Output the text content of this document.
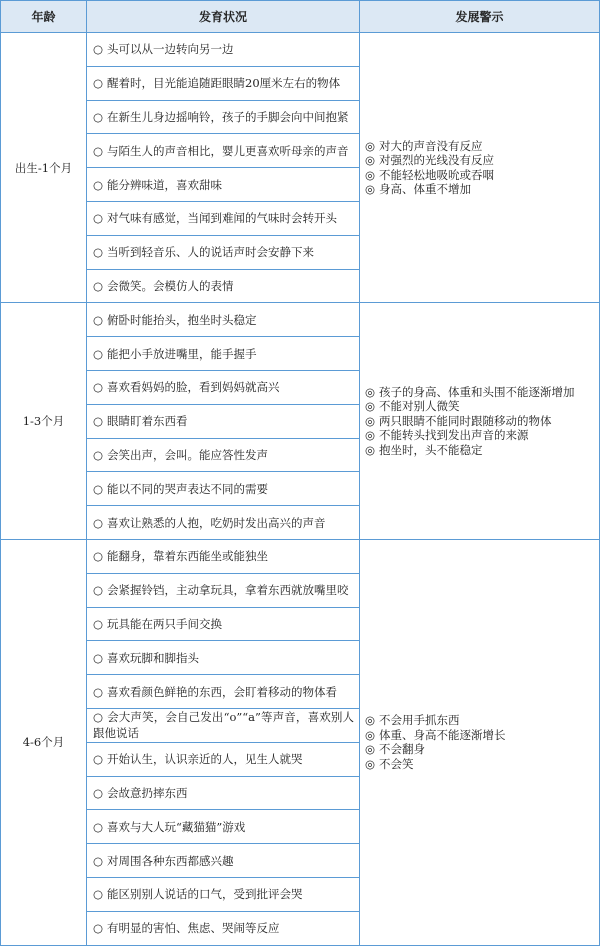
年龄	发育状况	发展警示
出生-1个月
○ 头可以从一边转向另一边
○ 醒着时，目光能追随距眼睛20厘米左右的物体
○ 在新生儿身边摇响铃，孩子的手脚会向中间抱紧
○ 与陌生人的声音相比，婴儿更喜欢听母亲的声音
○ 能分辨味道，喜欢甜味
○ 对气味有感觉，当闻到难闻的气味时会转开头
○ 当听到轻音乐、人的说话声时会安静下来
○ 会微笑。会模仿人的表情
◎ 对大的声音没有反应
◎ 对强烈的光线没有反应
◎ 不能轻松地吸吮或吞咽
◎ 身高、体重不增加
1-3个月
○ 俯卧时能抬头，抱坐时头稳定
○ 能把小手放进嘴里，能手握手
○ 喜欢看妈妈的脸，看到妈妈就高兴
○ 眼睛盯着东西看
○ 会笑出声，会叫。能应答性发声
○ 能以不同的哭声表达不同的需要
○ 喜欢让熟悉的人抱，吃奶时发出高兴的声音
◎ 孩子的身高、体重和头围不能逐渐增加
◎ 不能对别人微笑
◎ 两只眼睛不能同时跟随移动的物体
◎ 不能转头找到发出声音的来源
◎ 抱坐时，头不能稳定
4-6个月
○ 能翻身，靠着东西能坐或能独坐
○ 会紧握铃铛，主动拿玩具，拿着东西就放嘴里咬
○ 玩具能在两只手间交换
○ 喜欢玩脚和脚指头
○ 喜欢看颜色鲜艳的东西，会盯着移动的物体看
○ 会大声笑，会自己发出“o”“a”等声音，喜欢别人跟他说话
○ 开始认生，认识亲近的人，见生人就哭
○ 会故意扔摔东西
○ 喜欢与大人玩“藏猫猫”游戏
○ 对周围各种东西都感兴趣
○ 能区别别人说话的口气，受到批评会哭
○ 有明显的害怕、焦虑、哭闹等反应
◎ 不会用手抓东西
◎ 体重、身高不能逐渐增长
◎ 不会翻身
◎ 不会笑
